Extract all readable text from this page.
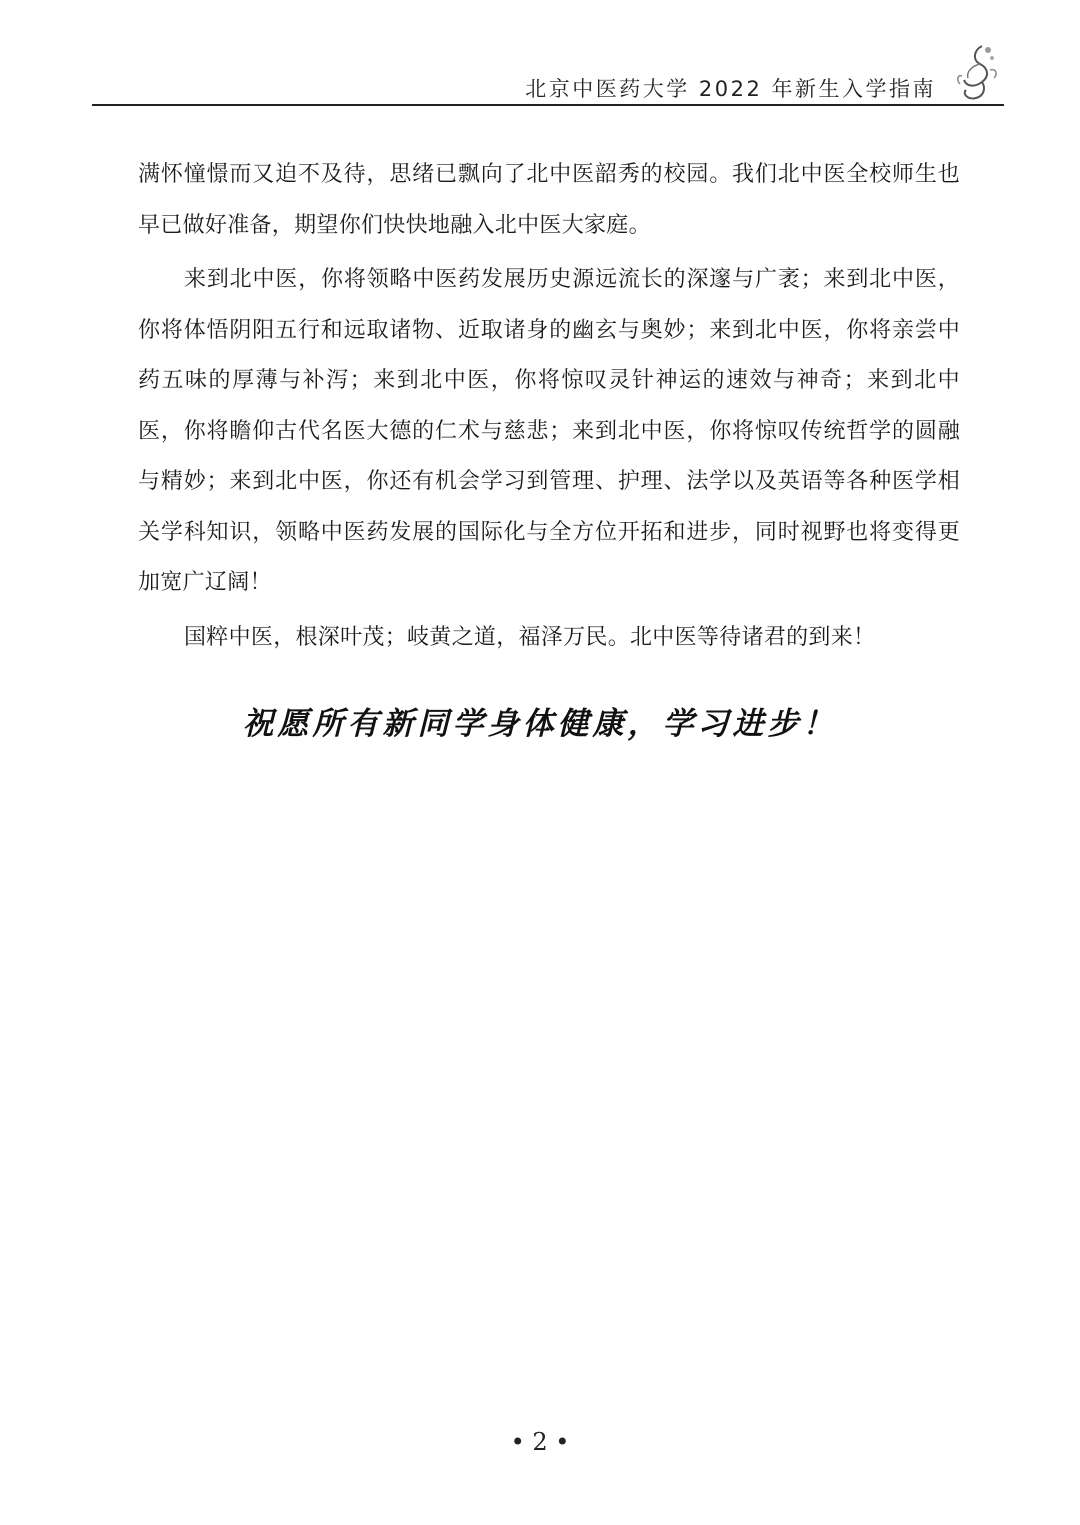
北京中医药大学 2022 年新生入学指南

满怀憧憬而又迫不及待，思绪已飘向了北中医韶秀的校园。我们北中医全校师生也早已做好准备，期望你们快快地融入北中医大家庭。

来到北中医，你将领略中医药发展历史源远流长的深邃与广袤；来到北中医，你将体悟阴阳五行和远取诸物、近取诸身的幽玄与奥妙；来到北中医，你将亲尝中药五味的厚薄与补泻；来到北中医，你将惊叹灵针神运的速效与神奇；来到北中医，你将瞻仰古代名医大德的仁术与慈悲；来到北中医，你将惊叹传统哲学的圆融与精妙；来到北中医，你还有机会学习到管理、护理、法学以及英语等各种医学相关学科知识，领略中医药发展的国际化与全方位开拓和进步，同时视野也将变得更加宽广辽阔！

国粹中医，根深叶茂；岐黄之道，福泽万民。北中医等待诸君的到来！

祝愿所有新同学身体健康，学习进步！
• 2 •
